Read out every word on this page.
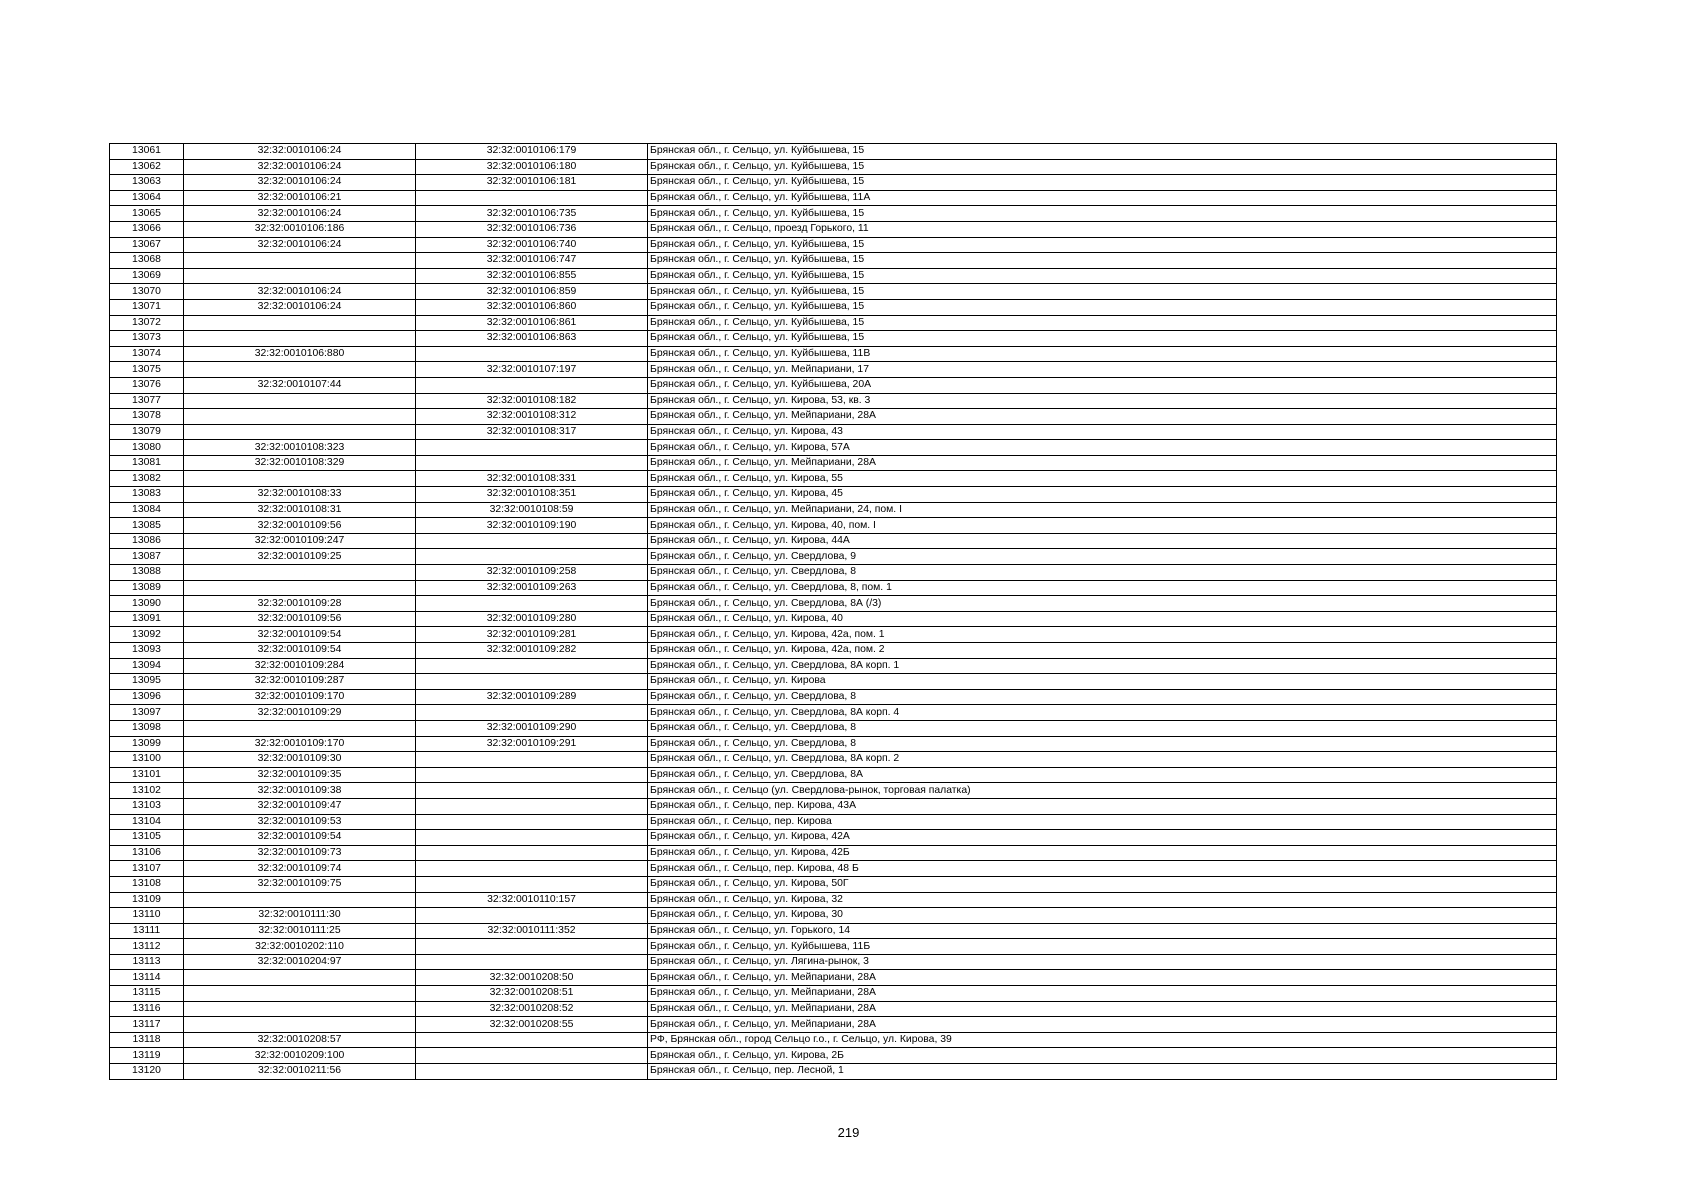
13061	32:32:0010106:24	32:32:0010106:179	Брянская обл., г. Сельцо, ул. Куйбышева, 15
13062	32:32:0010106:24	32:32:0010106:180	Брянская обл., г. Сельцо, ул. Куйбышева, 15
13063	32:32:0010106:24	32:32:0010106:181	Брянская обл., г. Сельцо, ул. Куйбышева, 15
13064	32:32:0010106:21		Брянская обл., г. Сельцо, ул. Куйбышева, 11А
13065	32:32:0010106:24	32:32:0010106:735	Брянская обл., г. Сельцо, ул. Куйбышева, 15
13066	32:32:0010106:186	32:32:0010106:736	Брянская обл., г. Сельцо, проезд Горького, 11
13067	32:32:0010106:24	32:32:0010106:740	Брянская обл., г. Сельцо, ул. Куйбышева, 15
13068		32:32:0010106:747	Брянская обл., г. Сельцо, ул. Куйбышева, 15
13069		32:32:0010106:855	Брянская обл., г. Сельцо, ул. Куйбышева, 15
13070	32:32:0010106:24	32:32:0010106:859	Брянская обл., г. Сельцо, ул. Куйбышева, 15
13071	32:32:0010106:24	32:32:0010106:860	Брянская обл., г. Сельцо, ул. Куйбышева, 15
13072		32:32:0010106:861	Брянская обл., г. Сельцо, ул. Куйбышева, 15
13073		32:32:0010106:863	Брянская обл., г. Сельцо, ул. Куйбышева, 15
13074	32:32:0010106:880		Брянская обл., г. Сельцо, ул. Куйбышева, 11В
13075		32:32:0010107:197	Брянская обл., г. Сельцо, ул. Мейпариани, 17
13076	32:32:0010107:44		Брянская обл., г. Сельцо, ул. Куйбышева, 20А
13077		32:32:0010108:182	Брянская обл., г. Сельцо, ул. Кирова, 53, кв. 3
13078		32:32:0010108:312	Брянская обл., г. Сельцо, ул. Мейпариани, 28А
13079		32:32:0010108:317	Брянская обл., г. Сельцо, ул. Кирова, 43
13080	32:32:0010108:323		Брянская обл., г. Сельцо, ул. Кирова, 57А
13081	32:32:0010108:329		Брянская обл., г. Сельцо, ул. Мейпариани, 28А
13082		32:32:0010108:331	Брянская обл., г. Сельцо, ул. Кирова, 55
13083	32:32:0010108:33	32:32:0010108:351	Брянская обл., г. Сельцо, ул. Кирова, 45
13084	32:32:0010108:31	32:32:0010108:59	Брянская обл., г. Сельцо, ул. Мейпариани, 24, пом. I
13085	32:32:0010109:56	32:32:0010109:190	Брянская обл., г. Сельцо, ул. Кирова, 40, пом. I
13086	32:32:0010109:247		Брянская обл., г. Сельцо, ул. Кирова, 44А
13087	32:32:0010109:25		Брянская обл., г. Сельцо, ул. Свердлова, 9
13088		32:32:0010109:258	Брянская обл., г. Сельцо, ул. Свердлова, 8
13089		32:32:0010109:263	Брянская обл., г. Сельцо, ул. Свердлова, 8, пом. 1
13090	32:32:0010109:28		Брянская обл., г. Сельцо, ул. Свердлова, 8А (/3)
13091	32:32:0010109:56	32:32:0010109:280	Брянская обл., г. Сельцо, ул. Кирова, 40
13092	32:32:0010109:54	32:32:0010109:281	Брянская обл., г. Сельцо, ул. Кирова, 42а, пом. 1
13093	32:32:0010109:54	32:32:0010109:282	Брянская обл., г. Сельцо, ул. Кирова, 42а, пом. 2
13094	32:32:0010109:284		Брянская обл., г. Сельцо, ул. Свердлова, 8А корп. 1
13095	32:32:0010109:287		Брянская обл., г. Сельцо, ул. Кирова
13096	32:32:0010109:170	32:32:0010109:289	Брянская обл., г. Сельцо, ул. Свердлова, 8
13097	32:32:0010109:29		Брянская обл., г. Сельцо, ул. Свердлова, 8А корп. 4
13098		32:32:0010109:290	Брянская обл., г. Сельцо, ул. Свердлова, 8
13099	32:32:0010109:170	32:32:0010109:291	Брянская обл., г. Сельцо, ул. Свердлова, 8
13100	32:32:0010109:30		Брянская обл., г. Сельцо, ул. Свердлова, 8А корп. 2
13101	32:32:0010109:35		Брянская обл., г. Сельцо, ул. Свердлова, 8А
13102	32:32:0010109:38		Брянская обл., г. Сельцо (ул. Свердлова-рынок, торговая палатка)
13103	32:32:0010109:47		Брянская обл., г. Сельцо, пер. Кирова, 43А
13104	32:32:0010109:53		Брянская обл., г. Сельцо, пер. Кирова
13105	32:32:0010109:54		Брянская обл., г. Сельцо, ул. Кирова, 42А
13106	32:32:0010109:73		Брянская обл., г. Сельцо, ул. Кирова, 42Б
13107	32:32:0010109:74		Брянская обл., г. Сельцо, пер. Кирова, 48 Б
13108	32:32:0010109:75		Брянская обл., г. Сельцо, ул. Кирова, 50Г
13109		32:32:0010110:157	Брянская обл., г. Сельцо, ул. Кирова, 32
13110	32:32:0010111:30		Брянская обл., г. Сельцо, ул. Кирова, 30
13111	32:32:0010111:25	32:32:0010111:352	Брянская обл., г. Сельцо, ул. Горького, 14
13112	32:32:0010202:110		Брянская обл., г. Сельцо, ул. Куйбышева, 11Б
13113	32:32:0010204:97		Брянская обл., г. Сельцо, ул. Лягина-рынок, 3
13114		32:32:0010208:50	Брянская обл., г. Сельцо, ул. Мейпариани, 28А
13115		32:32:0010208:51	Брянская обл., г. Сельцо, ул. Мейпариани, 28А
13116		32:32:0010208:52	Брянская обл., г. Сельцо, ул. Мейпариани, 28А
13117		32:32:0010208:55	Брянская обл., г. Сельцо, ул. Мейпариани, 28А
13118	32:32:0010208:57		РФ, Брянская обл., город Сельцо г.о., г. Сельцо, ул. Кирова, 39
13119	32:32:0010209:100		Брянская обл., г. Сельцо, ул. Кирова, 2Б
13120	32:32:0010211:56		Брянская обл., г. Сельцо, пер. Лесной, 1
219
